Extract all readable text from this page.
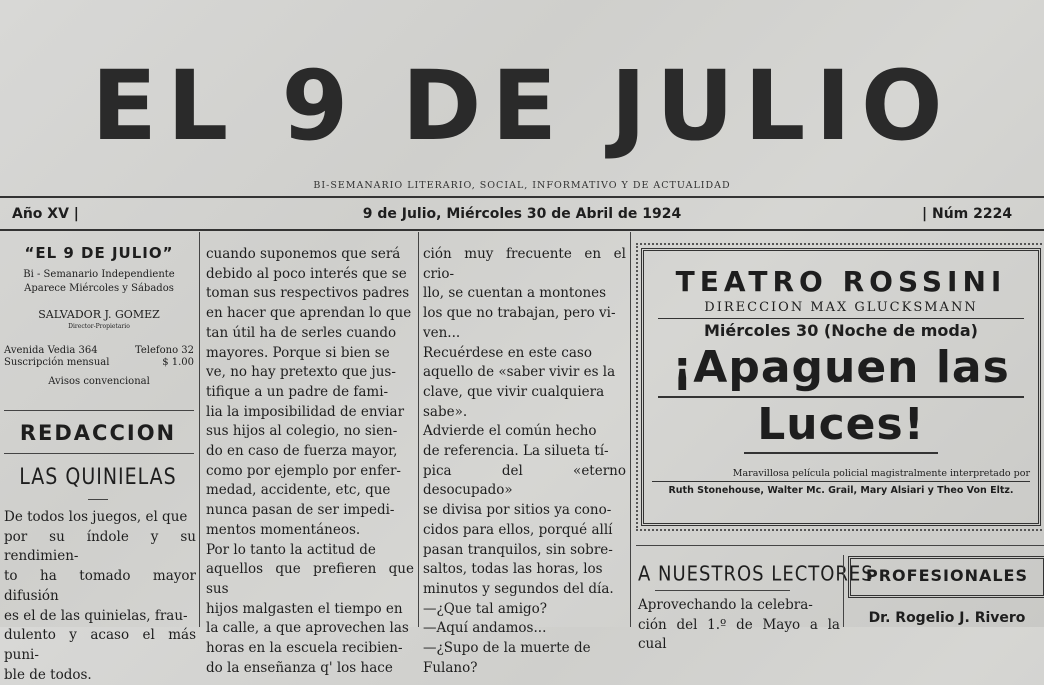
EL 9 DE JULIO
BI-SEMANARIO LITERARIO, SOCIAL, INFORMATIVO Y DE ACTUALIDAD
Año XV |	9 de Julio, Miércoles 30 de Abril de 1924	| Núm 2224
“EL 9 DE JULIO”
Bi - Semanario Independiente
Aparece Miércoles y Sábados
SALVADOR J. GOMEZ
Director-Propietario
Avenida Vedia 364	Telefono 32
Suscripción mensual	$ 1.00
Avisos convencional
REDACCION
LAS QUINIELAS
De todos los juegos, el que
por su índole y su rendimien-
to ha tomado mayor difusión
es el de las quinielas, frau-
dulento y acaso el más puni-
ble de todos.
cuando suponemos que será
debido al poco interés que se
toman sus respectivos padres
en hacer que aprendan lo que
tan útil ha de serles cuando
mayores. Porque si bien se
ve, no hay pretexto que jus-
tifique a un padre de fami-
lia la imposibilidad de enviar
sus hijos al colegio, no sien-
do en caso de fuerza mayor,
como por ejemplo por enfer-
medad, accidente, etc, que
nunca pasan de ser impedi-
mentos momentáneos.
Por lo tanto la actitud de
aquellos que prefieren que sus
hijos malgasten el tiempo en
la calle, a que aprovechen las
horas en la escuela recibien-
do la enseñanza q' los hace
ción muy frecuente en el crio-
llo, se cuentan a montones
los que no trabajan, pero vi-
ven...
Recuérdese en este caso
aquello de «saber vivir es la
clave, que vivir cualquiera
sabe».
Advierde el común hecho
de referencia. La silueta tí-
pica del «eterno desocupado»
se divisa por sitios ya cono-
cidos para ellos, porqué allí
pasan tranquilos, sin sobre-
saltos, todas las horas, los
minutos y segundos del día.
—¿Que tal amigo?
—Aquí andamos...
—¿Supo de la muerte de
Fulano?
TEATRO ROSSINI
DIRECCION MAX GLUCKSMANN
Miércoles 30 (Noche de moda)
¡Apaguen las
Luces!
Maravillosa película policial magistralmente interpretado por
Ruth Stonehouse, Walter Mc. Grail, Mary Alsiari y Theo Von Eltz.
A NUESTROS LECTORES
Aprovechando la celebra-
ción del 1.º de Mayo a la cual
PROFESIONALES
Dr. Rogelio J. Rivero
